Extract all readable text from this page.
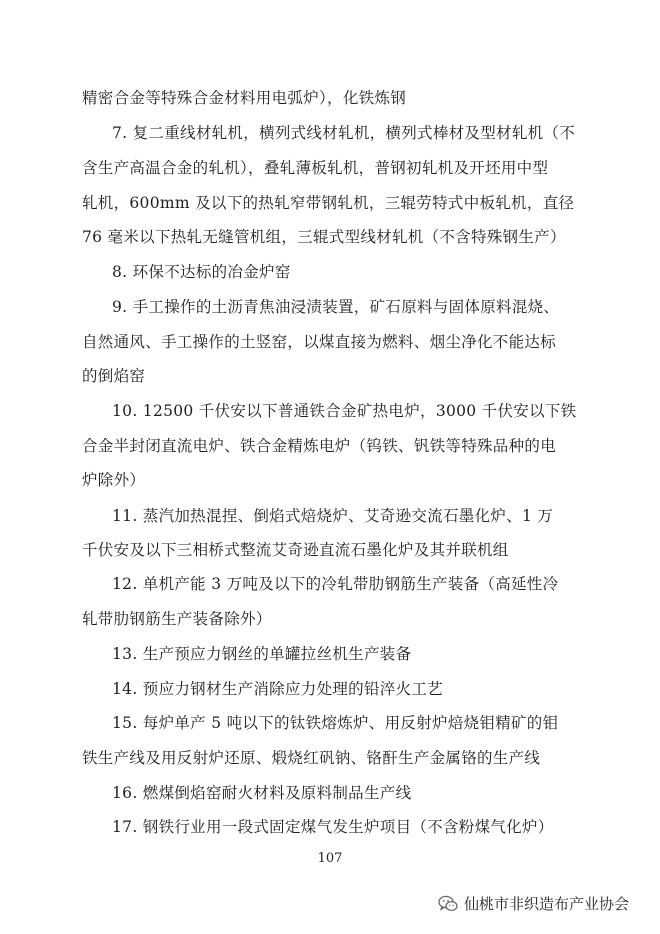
精密合金等特殊合金材料用电弧炉），化铁炼钢
7. 复二重线材轧机，横列式线材轧机，横列式棒材及型材轧机（不
含生产高温合金的轧机），叠轧薄板轧机，普钢初轧机及开坯用中型
轧机，600mm 及以下的热轧窄带钢轧机，三辊劳特式中板轧机，直径
76 毫米以下热轧无缝管机组，三辊式型线材轧机（不含特殊钢生产）
8. 环保不达标的冶金炉窑
9. 手工操作的土沥青焦油浸渍装置，矿石原料与固体原料混烧、
自然通风、手工操作的土竖窑，以煤直接为燃料、烟尘净化不能达标
的倒焰窑
10. 12500 千伏安以下普通铁合金矿热电炉，3000 千伏安以下铁
合金半封闭直流电炉、铁合金精炼电炉（钨铁、钒铁等特殊品种的电
炉除外）
11. 蒸汽加热混捏、倒焰式焙烧炉、艾奇逊交流石墨化炉、1 万
千伏安及以下三相桥式整流艾奇逊直流石墨化炉及其并联机组
12. 单机产能 3 万吨及以下的冷轧带肋钢筋生产装备（高延性冷
轧带肋钢筋生产装备除外）
13. 生产预应力钢丝的单罐拉丝机生产装备
14. 预应力钢材生产消除应力处理的铅淬火工艺
15. 每炉单产 5 吨以下的钛铁熔炼炉、用反射炉焙烧钼精矿的钼
铁生产线及用反射炉还原、煅烧红矾钠、铬酐生产金属铬的生产线
16. 燃煤倒焰窑耐火材料及原料制品生产线
17. 钢铁行业用一段式固定煤气发生炉项目（不含粉煤气化炉）
107
仙桃市非织造布产业协会
